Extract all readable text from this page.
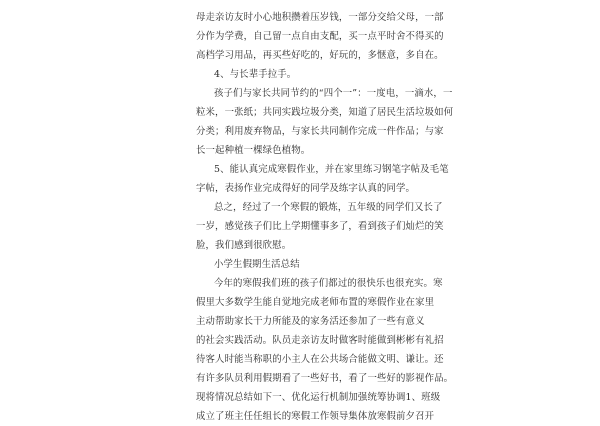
母走亲访友时小心地积攒着压岁钱，一部分交给父母，一部
分作为学费，自己留一点自由支配，买一点平时舍不得买的
高档学习用品，再买些好吃的，好玩的，多惬意，多自在。
4、与长辈手拉手。
孩子们与家长共同节约的“四个一”：一度电，一滴水，一
粒米，一张纸；共同实践垃圾分类，知道了居民生活垃圾如何
分类；利用废弃物品，与家长共同制作完成一件作品；与家
长一起种植一棵绿色植物。
5、能认真完成寒假作业，并在家里练习钢笔字帖及毛笔
字帖，表扬作业完成得好的同学及练字认真的同学。
总之，经过了一个寒假的锻炼，五年级的同学们又长了
一岁，感觉孩子们比上学期懂事多了，看到孩子们灿烂的笑
脸，我们感到很欣慰。
小学生假期生活总结
今年的寒假我们班的孩子们都过的很快乐也很充实。寒
假里大多数学生能自觉地完成老师布置的寒假作业在家里
主动帮助家长干力所能及的家务活还参加了一些有意义
的社会实践活动。队员走亲访友时做客时能做到彬彬有礼招
待客人时能当称职的小主人在公共场合能做文明、谦让。还
有许多队员利用假期看了一些好书，看了一些好的影视作品。
现将情况总结如下一、优化运行机制加强统筹协调1、班级
成立了班主任任组长的寒假工作领导集体放寒假前夕召开
